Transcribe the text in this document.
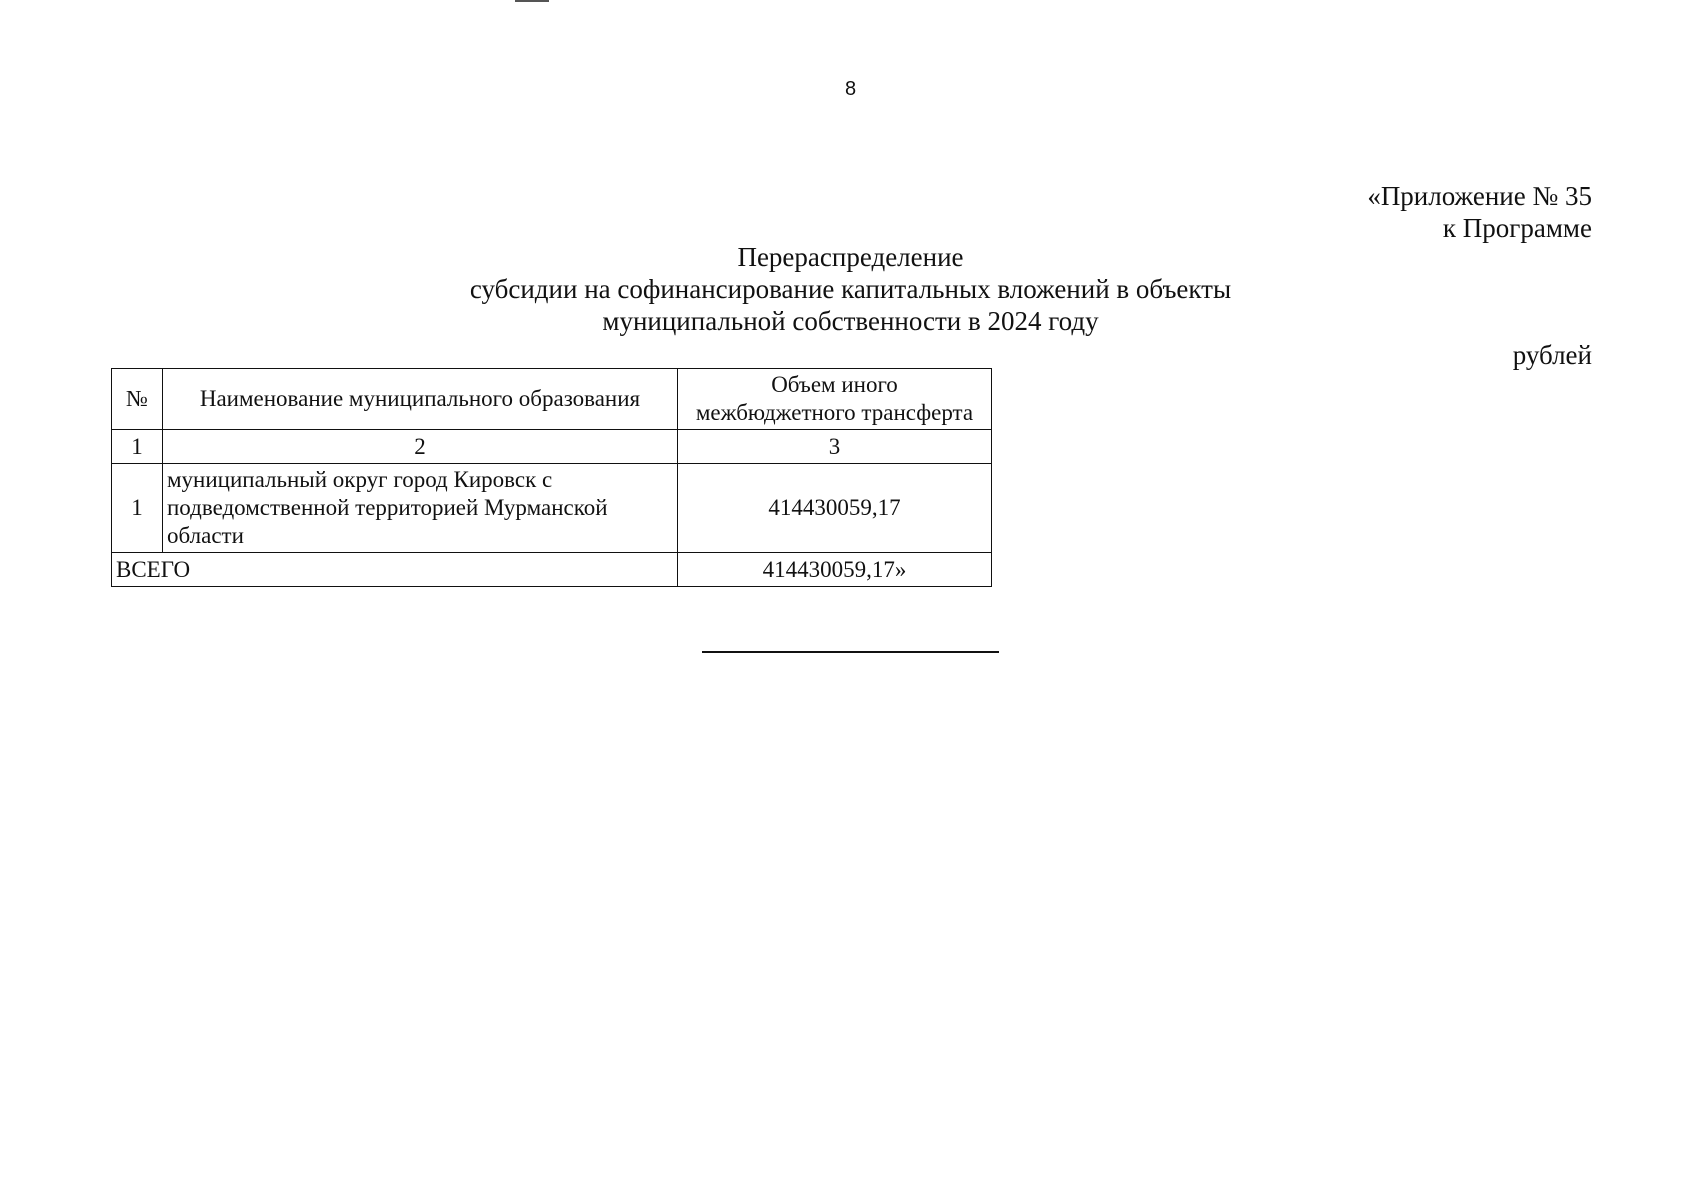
8
«Приложение № 35
к Программе
Перераспределение
субсидии на софинансирование капитальных вложений в объекты
муниципальной собственности в 2024 году
рублей
№	Наименование муниципального образования	Объем иного
межбюджетного трансферта

1	2	3
1	муниципальный округ город Кировск с
подведомственной территорией Мурманской
области	414430059,17
ВСЕГО		414430059,17»
